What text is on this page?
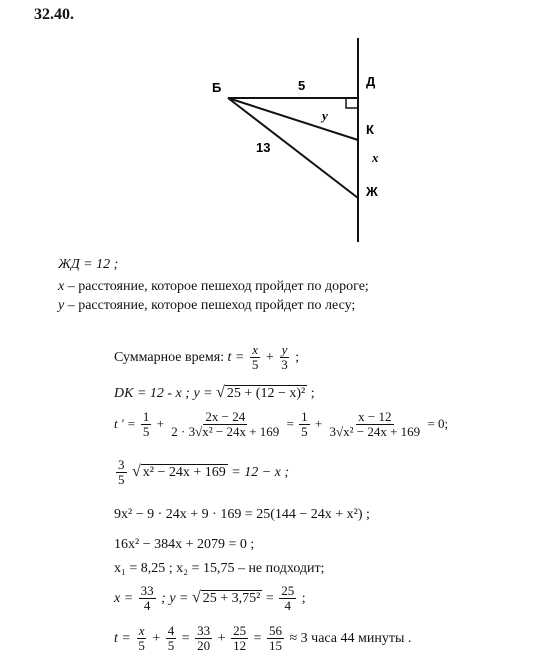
32.40.
Б	Д
К
Ж
5
13
y
x
ЖД = 12 ;
x – расстояние, которое пешеход пройдет по дороге;
y – расстояние, которое пешеход пройдет по лесу;
Суммарное время: $t = \frac{x}{5} + \frac{y}{3}$ ;
DK = 12 - x ; y = √ 25 + (12 − x)² ;
t ' = $\frac{1}{5} + \frac{2x - 24}{\text{2 · 3√x² − 24x + 169}} = \frac{1}{5} + \frac{x - 12}{\text{3√x² − 24x + 169}} = 0$;
$\frac{3}{5}$ √ x² − 24x + 169 = 12 − x ;
9x² − 9 · 24x + 9 · 169 = 25(144 − 24x + x²) ;
16x² − 384x + 2079 = 0 ;
x₁ = 8,25 ; x₂ = 15,75 – не подходит;
$x = \frac{33}{4}$ ; y = √ $25 + 3,75^2 = \frac{25}{4}$ ;
$t = \frac{x}{5} + \frac{4}{5} = \frac{33}{20} + \frac{25}{12} = \frac{56}{15} \approx 3$ часа 44 минуты .
